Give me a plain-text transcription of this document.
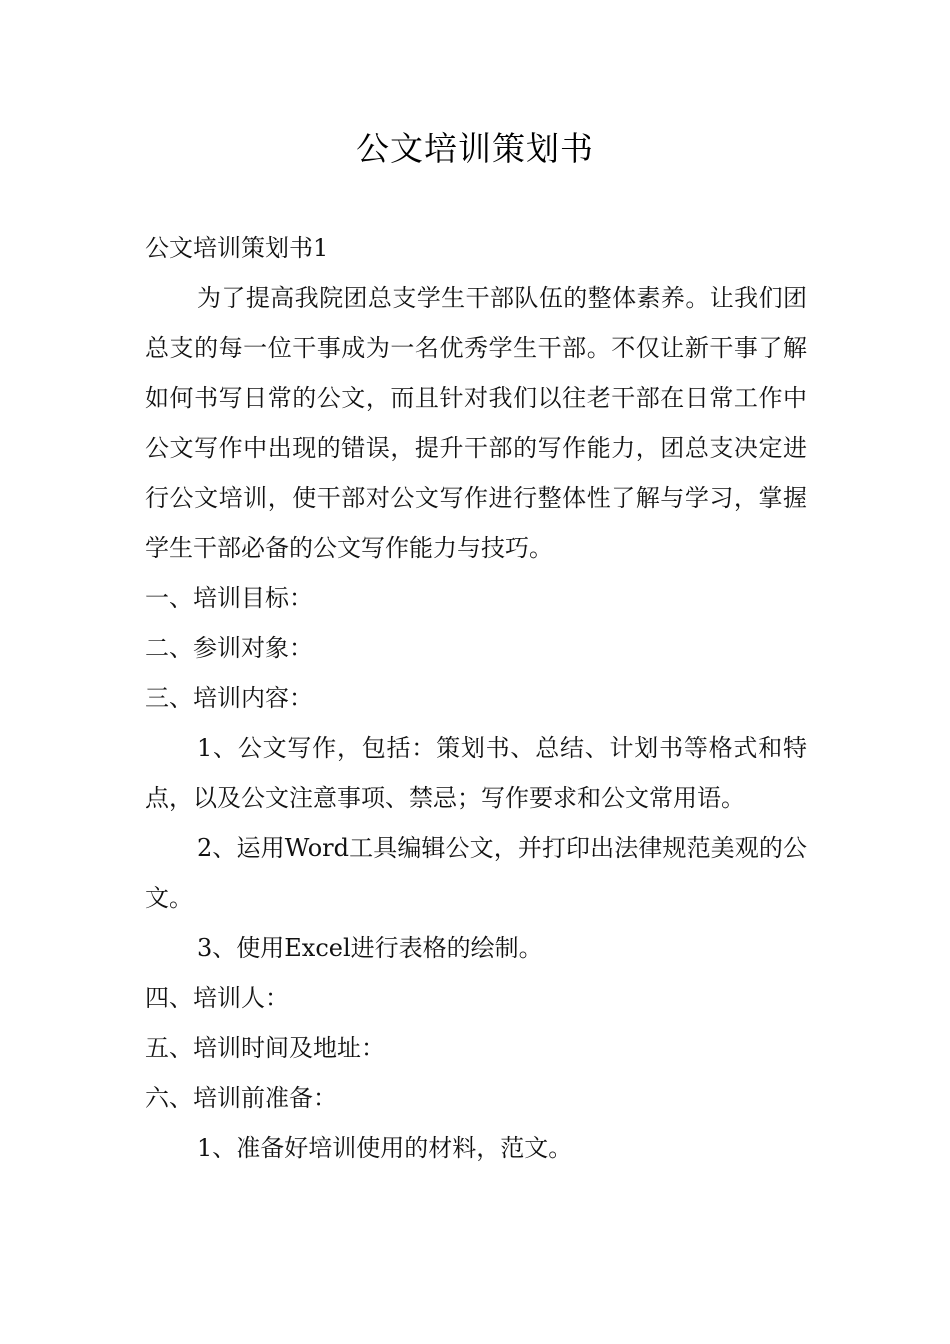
公文培训策划书

公文培训策划书1

为了提高我院团总支学生干部队伍的整体素养。让我们团总支的每一位干事成为一名优秀学生干部。不仅让新干事了解如何书写日常的公文，而且针对我们以往老干部在日常工作中公文写作中出现的错误，提升干部的写作能力，团总支决定进行公文培训，使干部对公文写作进行整体性了解与学习，掌握学生干部必备的公文写作能力与技巧。

一、培训目标：

二、参训对象：

三、培训内容：

1、公文写作，包括：策划书、总结、计划书等格式和特点，以及公文注意事项、禁忌；写作要求和公文常用语。

2、运用Word工具编辑公文，并打印出法律规范美观的公文。

3、使用Excel进行表格的绘制。

四、培训人：

五、培训时间及地址：

六、培训前准备：

1、准备好培训使用的材料，范文。
